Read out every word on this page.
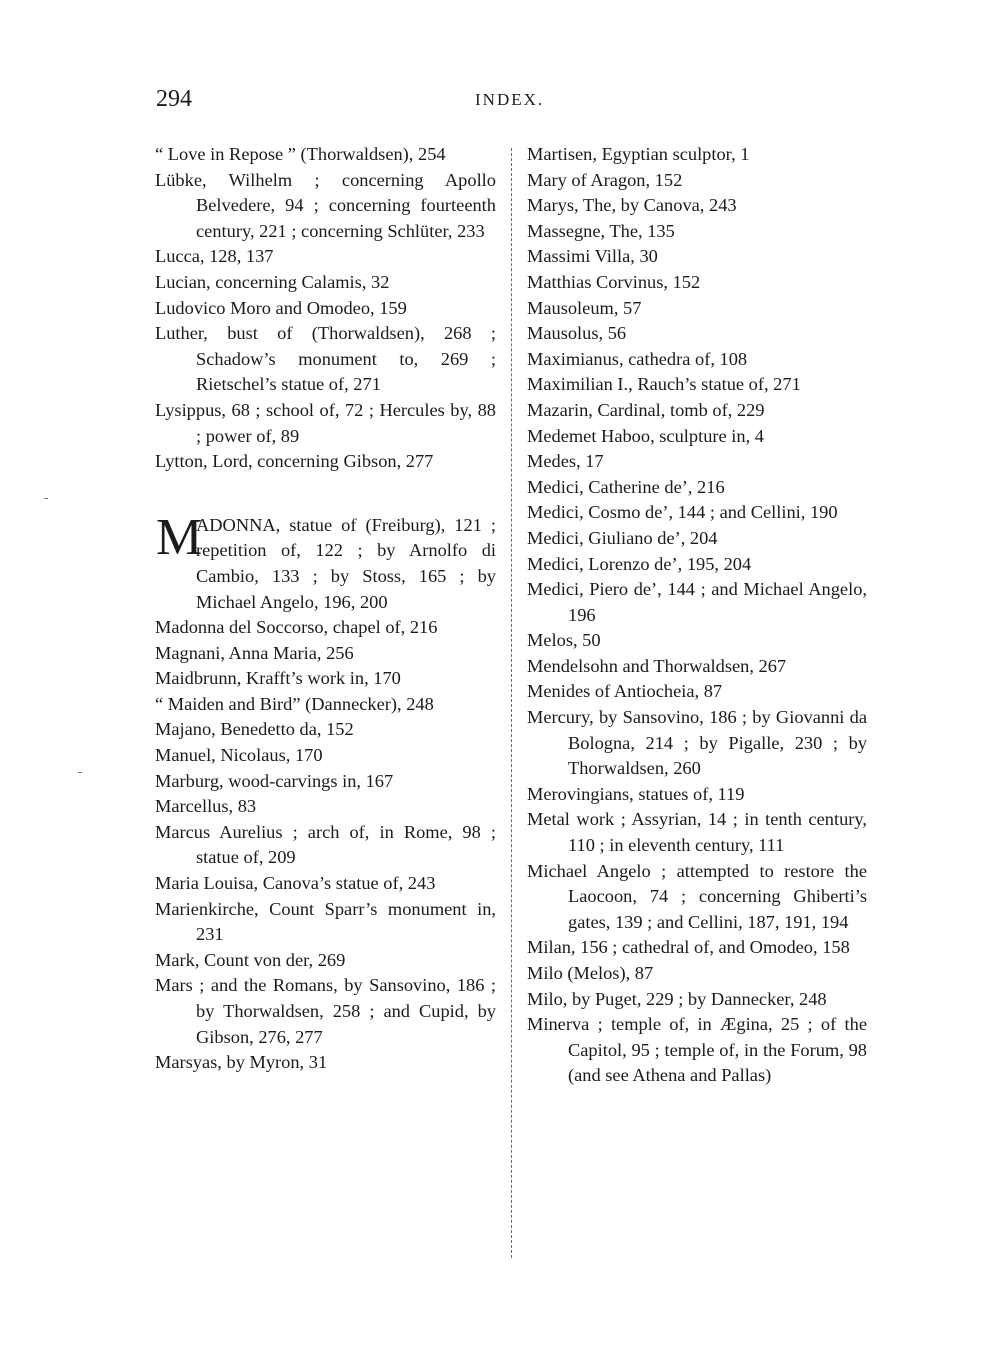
294	INDEX.
“ Love in Repose ” (Thorwaldsen), 254
Lübke, Wilhelm ; concerning Apollo Belvedere, 94 ; concerning fourteenth century, 221 ; concerning Schlüter, 233
Lucca, 128, 137
Lucian, concerning Calamis, 32
Ludovico Moro and Omodeo, 159
Luther, bust of (Thorwaldsen), 268 ; Schadow’s monument to, 269 ; Rietschel’s statue of, 271
Lysippus, 68 ; school of, 72 ; Hercules by, 88 ; power of, 89
Lytton, Lord, concerning Gibson, 277
M
ADONNA, statue of (Freiburg), 121 ; repetition of, 122 ; by Arnolfo di Cambio, 133 ; by Stoss, 165 ; by Michael Angelo, 196, 200
Madonna del Soccorso, chapel of, 216
Magnani, Anna Maria, 256
Maidbrunn, Krafft’s work in, 170
“ Maiden and Bird” (Dannecker), 248
Majano, Benedetto da, 152
Manuel, Nicolaus, 170
Marburg, wood-carvings in, 167
Marcellus, 83
Marcus Aurelius ; arch of, in Rome, 98 ; statue of, 209
Maria Louisa, Canova’s statue of, 243
Marienkirche, Count Sparr’s monument in, 231
Mark, Count von der, 269
Mars ; and the Romans, by Sansovino, 186 ; by Thorwaldsen, 258 ; and Cupid, by Gibson, 276, 277
Marsyas, by Myron, 31
Martisen, Egyptian sculptor, 1
Mary of Aragon, 152
Marys, The, by Canova, 243
Massegne, The, 135
Massimi Villa, 30
Matthias Corvinus, 152
Mausoleum, 57
Mausolus, 56
Maximianus, cathedra of, 108
Maximilian I., Rauch’s statue of, 271
Mazarin, Cardinal, tomb of, 229
Medemet Haboo, sculpture in, 4
Medes, 17
Medici, Catherine de’, 216
Medici, Cosmo de’, 144 ; and Cellini, 190
Medici, Giuliano de’, 204
Medici, Lorenzo de’, 195, 204
Medici, Piero de’, 144 ; and Michael Angelo, 196
Melos, 50
Mendelsohn and Thorwaldsen, 267
Menides of Antiocheia, 87
Mercury, by Sansovino, 186 ; by Giovanni da Bologna, 214 ; by Pigalle, 230 ; by Thorwaldsen, 260
Merovingians, statues of, 119
Metal work ; Assyrian, 14 ; in tenth century, 110 ; in eleventh century, 111
Michael Angelo ; attempted to restore the Laocoon, 74 ; concerning Ghiberti’s gates, 139 ; and Cellini, 187, 191, 194
Milan, 156 ; cathedral of, and Omodeo, 158
Milo (Melos), 87
Milo, by Puget, 229 ; by Dannecker, 248
Minerva ; temple of, in Ægina, 25 ; of the Capitol, 95 ; temple of, in the Forum, 98 (and see Athena and Pallas)
